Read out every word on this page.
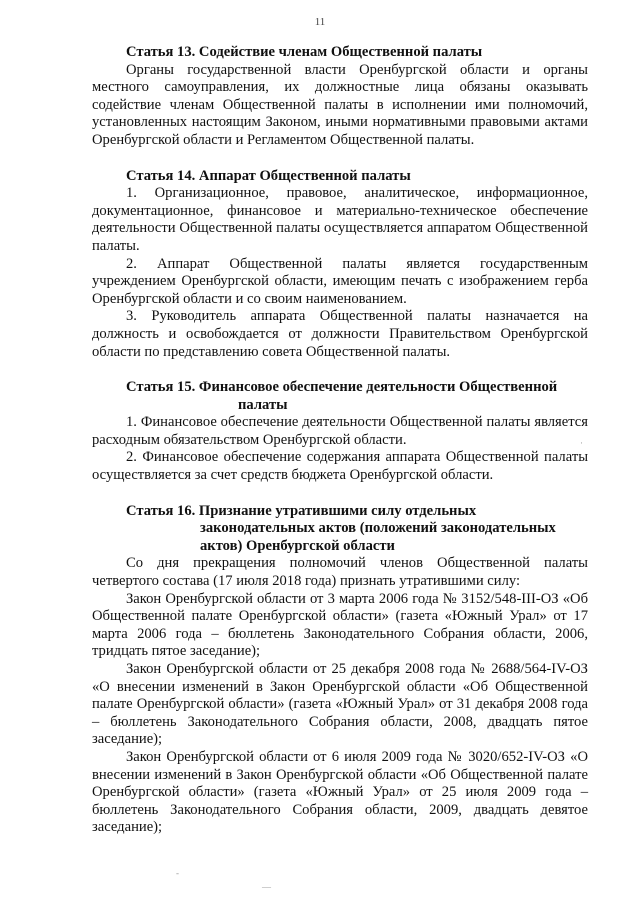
11
Статья 13. Содействие членам Общественной палаты

Органы государственной власти Оренбургской области и органы местного самоуправления, их должностные лица обязаны оказывать содействие членам Общественной палаты в исполнении ими полномочий, установленных настоящим Законом, иными нормативными правовыми актами Оренбургской области и Регламентом Общественной палаты.

Статья 14. Аппарат Общественной палаты

1. Организационное, правовое, аналитическое, информационное, документационное, финансовое и материально-техническое обеспечение деятельности Общественной палаты осуществляется аппаратом Общественной палаты.

2. Аппарат Общественной палаты является государственным учреждением Оренбургской области, имеющим печать с изображением герба Оренбургской области и со своим наименованием.

3. Руководитель аппарата Общественной палаты назначается на должность и освобождается от должности Правительством Оренбургской области по представлению совета Общественной палаты.

Статья 15. Финансовое обеспечение деятельности Общественной
палаты

1. Финансовое обеспечение деятельности Общественной палаты является расходным обязательством Оренбургской области.

2. Финансовое обеспечение содержания аппарата Общественной палаты осуществляется за счет средств бюджета Оренбургской области.

Статья 16. Признание утратившими силу отдельных
законодательных актов (положений законодательных
актов) Оренбургской области

Со дня прекращения полномочий членов Общественной палаты четвертого состава (17 июля 2018 года) признать утратившими силу:

Закон Оренбургской области от 3 марта 2006 года № 3152/548-III-ОЗ «Об Общественной палате Оренбургской области» (газета «Южный Урал» от 17 марта 2006 года – бюллетень Законодательного Собрания области, 2006, тридцать пятое заседание);

Закон Оренбургской области от 25 декабря 2008 года № 2688/564-IV-ОЗ «О внесении изменений в Закон Оренбургской области «Об Общественной палате Оренбургской области» (газета «Южный Урал» от 31 декабря 2008 года – бюллетень Законодательного Собрания области, 2008, двадцать пятое заседание);

Закон Оренбургской области от 6 июля 2009 года № 3020/652-IV-ОЗ «О внесении изменений в Закон Оренбургской области «Об Общественной палате Оренбургской области» (газета «Южный Урал» от 25 июля 2009 года – бюллетень Законодательного Собрания области, 2009, двадцать девятое заседание);

·
-
—
